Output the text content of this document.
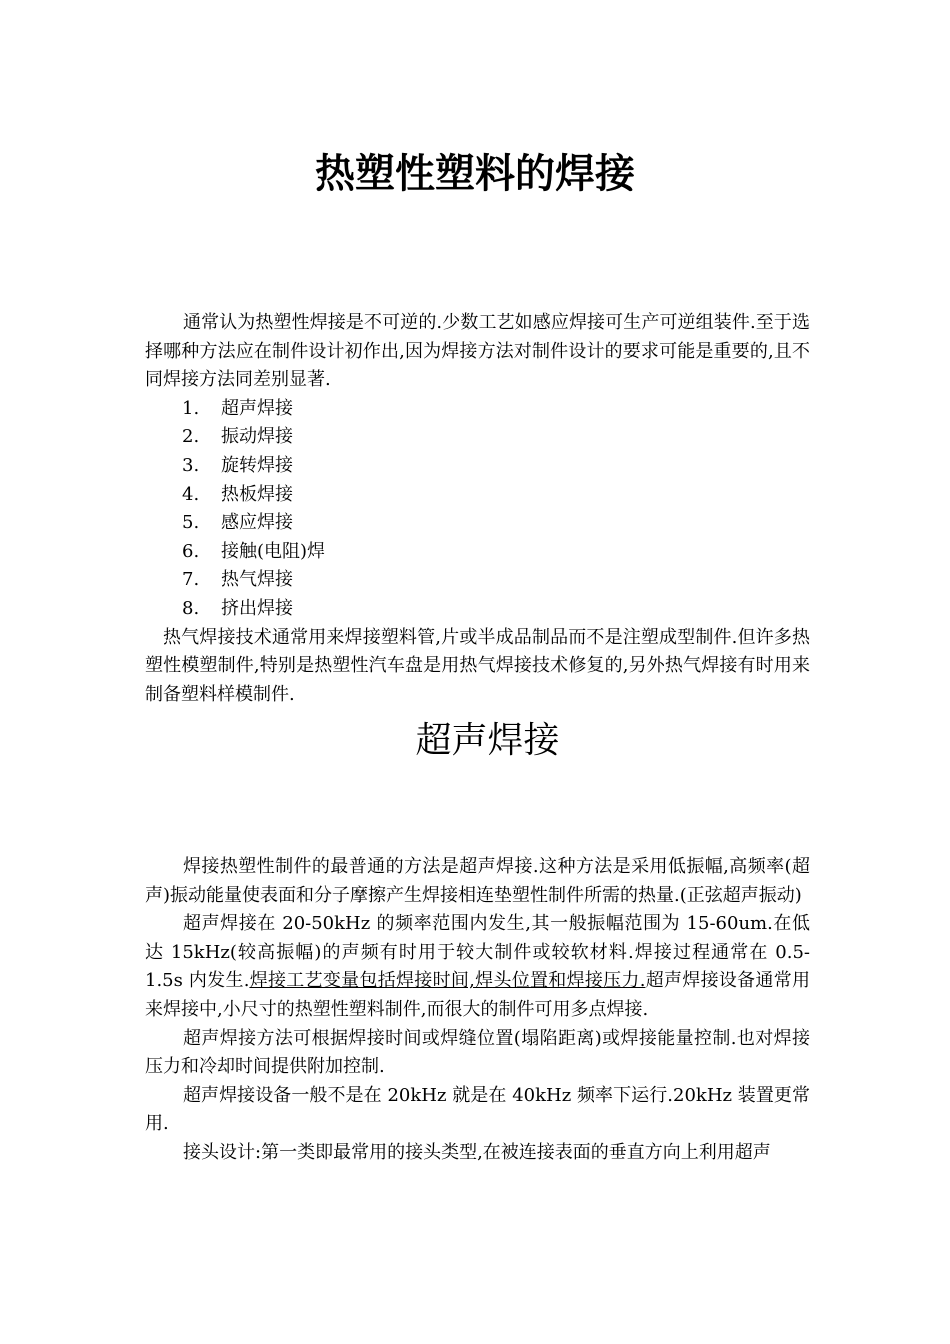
热塑性塑料的焊接

通常认为热塑性焊接是不可逆的.少数工艺如感应焊接可生产可逆组装件.至于选择哪种方法应在制件设计初作出,因为焊接方法对制件设计的要求可能是重要的,且不同焊接方法同差别显著.

1. 超声焊接
2. 振动焊接
3. 旋转焊接
4. 热板焊接
5. 感应焊接
6. 接触(电阻)焊
7. 热气焊接
8. 挤出焊接

热气焊接技术通常用来焊接塑料管,片或半成品制品而不是注塑成型制件.但许多热塑性模塑制件,特别是热塑性汽车盘是用热气焊接技术修复的,另外热气焊接有时用来制备塑料样模制件.

超声焊接

焊接热塑性制件的最普通的方法是超声焊接.这种方法是采用低振幅,高频率(超声)振动能量使表面和分子摩擦产生焊接相连垫塑性制件所需的热量.(正弦超声振动)

超声焊接在 20-50kHz 的频率范围内发生,其一般振幅范围为 15-60um.在低达 15kHz(较高振幅)的声频有时用于较大制件或较软材料.焊接过程通常在 0.5-1.5s 内发生.焊接工艺变量包括焊接时间,焊头位置和焊接压力.超声焊接设备通常用来焊接中,小尺寸的热塑性塑料制件,而很大的制件可用多点焊接.

超声焊接方法可根据焊接时间或焊缝位置(塌陷距离)或焊接能量控制.也对焊接压力和冷却时间提供附加控制.

超声焊接设备一般不是在 20kHz 就是在 40kHz 频率下运行.20kHz 装置更常用.

接头设计:第一类即最常用的接头类型,在被连接表面的垂直方向上利用超声
